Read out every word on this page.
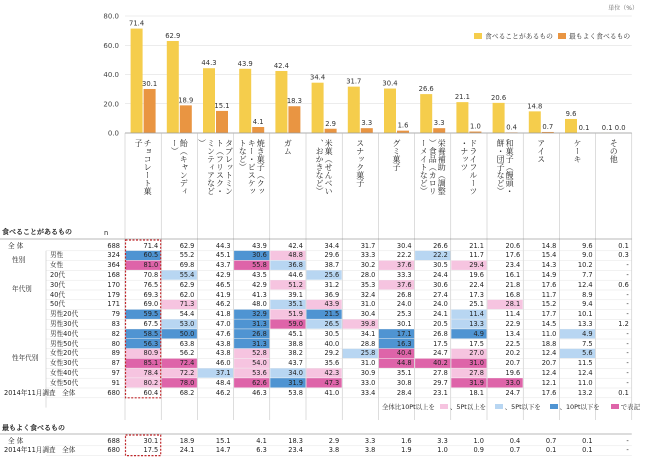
0.0
20.0
40.0
60.0
80.0
71.4
30.1
62.9
18.9
44.3
15.1
43.9
4.1
42.4
18.3
34.4
2.9
31.7
3.3
30.4
1.6
26.6
3.3
21.1
1.0
20.6
0.4
14.8
0.7
9.6
0.1 0.1 0.0
食べることがあるもの 最もよく食べるもの
単位（%）
チョコレート菓
子	飴（キャンディ
ー）	タブレットミン
ト（フリスク・
ミンティアなど
）	焼き菓子（クッ
キー・ビスケッ
トなど）	ガム	米菓（せんべい
、おかきなど）	スナック菓子	グミ菓子	栄養補助（調整
）食品（カロリ
ーメイトなど）	ドライフルーツ
・ナッツ	和菓子（饅頭・
餅・団子など）	アイス	ケーキ	その他
食べることがあるもの	n
全 体	688	71.4	62.9	44.3	43.9	42.4	34.4	31.7	30.4	26.6	21.1	20.6	14.8	9.6	0.1
男性	324	60.5	55.2	45.1	30.6	48.8	29.6	33.3	22.2	22.2	11.7	17.6	15.4	9.0	0.3
女性	364	81.0	69.8	43.7	55.8	36.8	38.7	30.2	37.6	30.5	29.4	23.4	14.3	10.2	-
20代	168	70.8	55.4	42.9	43.5	44.6	25.6	28.0	33.3	24.4	19.6	16.1	14.9	7.7	-
30代	170	76.5	62.9	46.5	42.9	51.2	31.2	35.3	37.6	30.6	22.4	21.8	17.6	12.4	0.6
40代	179	69.3	62.0	41.9	41.3	39.1	36.9	32.4	26.8	27.4	17.3	16.8	11.7	8.9	-
50代	171	69.0	71.3	46.2	48.0	35.1	43.9	31.0	24.0	24.0	25.1	28.1	15.2	9.4	-
男性20代	79	59.5	54.4	41.8	32.9	51.9	21.5	30.4	25.3	24.1	11.4	11.4	17.7	10.1	-
男性30代	83	67.5	53.0	47.0	31.3	59.0	26.5	39.8	30.1	20.5	13.3	22.9	14.5	13.3	1.2
男性40代	82	58.5	50.0	47.6	26.8	45.1	30.5	34.1	17.1	26.8	4.9	13.4	11.0	4.9	-
男性50代	80	56.3	63.8	43.8	31.3	38.8	40.0	28.8	16.3	17.5	17.5	22.5	18.8	7.5	-
女性20代	89	80.9	56.2	43.8	52.8	38.2	29.2	25.8	40.4	24.7	27.0	20.2	12.4	5.6	-
女性30代	87	85.1	72.4	46.0	54.0	43.7	35.6	31.0	44.8	40.2	31.0	20.7	20.7	11.5	-
女性40代	97	78.4	72.2	37.1	53.6	34.0	42.3	30.9	35.1	27.8	27.8	19.6	12.4	12.4	-
女性50代	91	80.2	78.0	48.4	62.6	31.9	47.3	33.0	30.8	29.7	31.9	33.0	12.1	11.0	-
2014年11月調査　全体	680	60.4	68.2	46.2	46.3	53.8	41.0	33.4	28.4	23.1	18.1	24.7	17.6	13.2	0.1
性別
年代別
性年代別
全体比10Pt以上を 、5Pt以上を	、5Pt以下を	、10Pt以下を	で表記
最もよく食べるもの
全 体	688	30.1	18.9	15.1	4.1	18.3	2.9	3.3	1.6	3.3	1.0	0.4	0.7	0.1	-
2014年11月調査　全体	680	17.5	24.1	14.7	6.3	23.4	3.8	3.8	1.9	1.0	0.9	0.7	0.1	0.1	-
